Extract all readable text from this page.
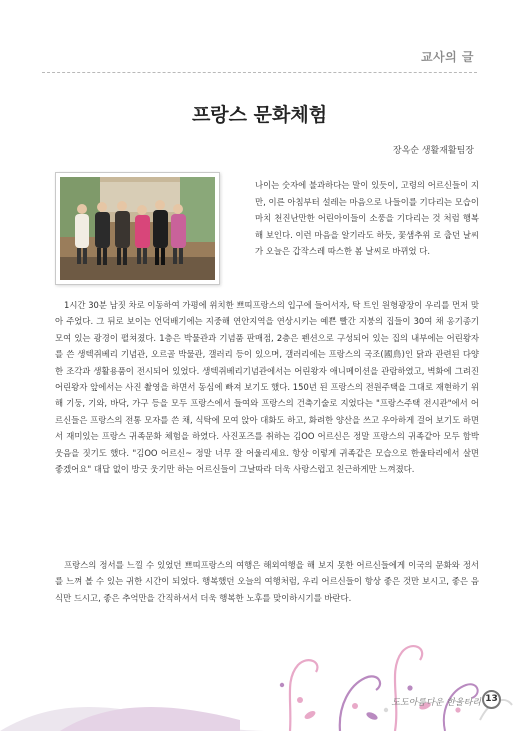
교사의 글
프랑스 문화체험
장옥순 생활재활팀장

나이는 숫자에 불과하다는 말이 있듯이, 고령의 어르신들이 지만, 이른 아침부터 설레는 마음으로 나들이를 기다리는 모습이 마치 천진난만한 어린아이들이 소풍을 기다리는 것 처럼 행복해 보인다. 이런 마음을 알기라도 하듯, 꽃샘추위 로 춥던 날씨가 오늘은 갑작스레 따스한 봄 날씨로 바뀌었 다.

1시간 30분 남짓 차로 이동하여 가평에 위치한 쁘띠프랑스의 입구에 들어서자, 탁 트인 원형광장이 우리를 먼저 맞아 주었다. 그 뒤로 보이는 언덕배기에는 지중해 연안지역을 연상시키는 예쁜 빨간 지붕의 집들이 30여 채 옹기종기 모여 있는 광경이 펼쳐졌다. 1층은 박물관과 기념품 판매점, 2층은 펜션으로 구성되어 있는 집의 내부에는 어린왕자를 쓴 생텍쥐베리 기념관, 오르골 박물관, 갤러리 등이 있으며, 갤러리에는 프랑스의 국조(國鳥)인 닭과 관련된 다양한 조각과 생활용품이 전시되어 있었다. 생텍쥐베리기념관에서는 어린왕자 애니메이션을 관람하였고, 벽화에 그려진 어린왕자 앞에서는 사진 촬영을 하면서 동심에 빠져 보기도 했다. 150년 된 프랑스의 전원주택을 그대로 재현하기 위해 기둥, 기와, 바닥, 가구 등을 모두 프랑스에서 들여와 프랑스의 건축기술로 지었다는 "프랑스주택 전시관"에서 어르신들은 프랑스의 전통 모자를 쓴 채, 식탁에 모여 앉아 대화도 하고, 화려한 양산을 쓰고 우아하게 걸어 보기도 하면서 재미있는 프랑스 귀족문화 체험을 하였다. 사진포즈를 취하는 김OO 어르신은 정말 프랑스의 귀족같아 모두 함박웃음을 짓기도 했다. "김OO 어르신~ 정말 너무 잘 어울리세요. 항상 이렇게 귀족같은 모습으로 한울타리에서 살면 좋겠어요" 대답 없이 방긋 웃기만 하는 어르신들이 그날따라 더욱 사랑스럽고 친근하게만 느껴졌다.

프랑스의 정서를 느낄 수 있었던 쁘띠프랑스의 여행은 해외여행을 해 보지 못한 어르신들에게 이국의 문화와 정서를 느껴 볼 수 있는 귀한 시간이 되었다. 행복했던 오늘의 여행처럼, 우리 어르신들이 항상 좋은 것만 보시고, 좋은 음식만 드시고, 좋은 추억만을 간직하셔서 더욱 행복한 노후를 맞이하시기를 바란다.

도도아름다운 한울타리 13
